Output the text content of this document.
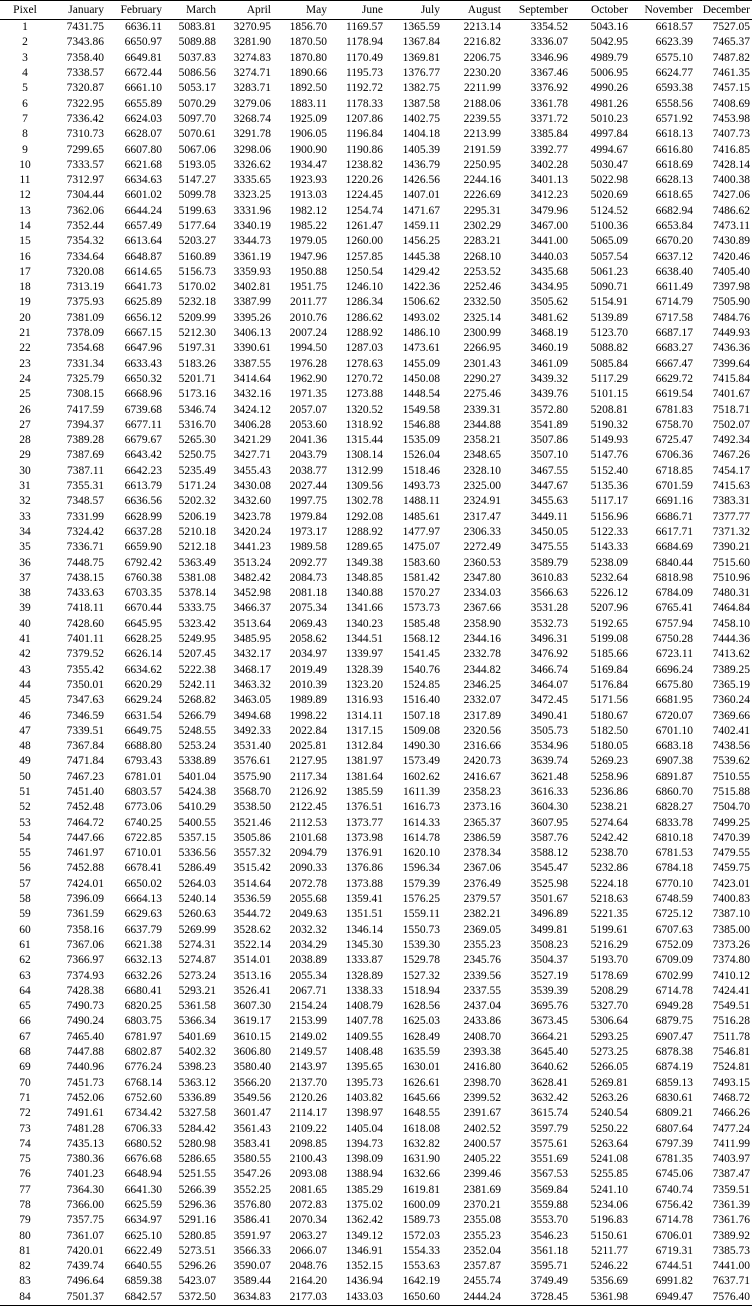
Pixel	January	February	March	April	May	June	July	August	September	October	November	December
1	7431.75	6636.11	5083.81	3270.95	1856.70	1169.57	1365.59	2213.14	3354.52	5043.16	6618.57	7527.05
2	7343.86	6650.97	5089.88	3281.90	1870.50	1178.94	1367.84	2216.82	3336.07	5042.95	6623.39	7465.37
3	7358.40	6649.81	5037.83	3274.83	1870.80	1170.49	1369.81	2206.75	3346.96	4989.79	6575.10	7487.82
4	7338.57	6672.44	5086.56	3274.71	1890.66	1195.73	1376.77	2230.20	3367.46	5006.95	6624.77	7461.35
5	7320.87	6661.10	5053.17	3283.71	1892.50	1192.72	1382.75	2211.99	3376.92	4990.26	6593.38	7457.15
6	7322.95	6655.89	5070.29	3279.06	1883.11	1178.33	1387.58	2188.06	3361.78	4981.26	6558.56	7408.69
7	7336.42	6624.03	5097.70	3268.74	1925.09	1207.86	1402.75	2239.55	3371.72	5010.23	6571.92	7453.98
8	7310.73	6628.07	5070.61	3291.78	1906.05	1196.84	1404.18	2213.99	3385.84	4997.84	6618.13	7407.73
9	7299.65	6607.80	5067.06	3298.06	1900.90	1190.86	1405.39	2191.59	3392.77	4994.67	6616.80	7416.85
10	7333.57	6621.68	5193.05	3326.62	1934.47	1238.82	1436.79	2250.95	3402.28	5030.47	6618.69	7428.14
11	7312.97	6634.63	5147.27	3335.65	1923.93	1220.26	1426.56	2244.16	3401.13	5022.98	6628.13	7400.38
12	7304.44	6601.02	5099.78	3323.25	1913.03	1224.45	1407.01	2226.69	3412.23	5020.69	6618.65	7427.06
13	7362.06	6644.24	5199.63	3331.96	1982.12	1254.74	1471.67	2295.31	3479.96	5124.52	6682.94	7486.62
14	7352.44	6657.49	5177.64	3340.19	1985.22	1261.47	1459.11	2302.29	3467.00	5100.36	6653.84	7473.11
15	7354.32	6613.64	5203.27	3344.73	1979.05	1260.00	1456.25	2283.21	3441.00	5065.09	6670.20	7430.89
16	7334.64	6648.87	5160.89	3361.19	1947.96	1257.85	1445.38	2268.10	3440.03	5057.54	6637.12	7420.46
17	7320.08	6614.65	5156.73	3359.93	1950.88	1250.54	1429.42	2253.52	3435.68	5061.23	6638.40	7405.40
18	7313.19	6641.73	5170.02	3402.81	1951.75	1246.10	1422.36	2252.46	3434.95	5090.71	6611.49	7397.98
19	7375.93	6625.89	5232.18	3387.99	2011.77	1286.34	1506.62	2332.50	3505.62	5154.91	6714.79	7505.90
20	7381.09	6656.12	5209.99	3395.26	2010.76	1286.62	1493.02	2325.14	3481.62	5139.89	6717.58	7484.76
21	7378.09	6667.15	5212.30	3406.13	2007.24	1288.92	1486.10	2300.99	3468.19	5123.70	6687.17	7449.93
22	7354.68	6647.96	5197.31	3390.61	1994.50	1287.03	1473.61	2266.95	3460.19	5088.82	6683.27	7436.36
23	7331.34	6633.43	5183.26	3387.55	1976.28	1278.63	1455.09	2301.43	3461.09	5085.84	6667.47	7399.64
24	7325.79	6650.32	5201.71	3414.64	1962.90	1270.72	1450.08	2290.27	3439.32	5117.29	6629.72	7415.84
25	7308.15	6668.96	5173.16	3432.16	1971.35	1273.88	1448.54	2275.46	3439.76	5101.15	6619.54	7401.67
26	7417.59	6739.68	5346.74	3424.12	2057.07	1320.52	1549.58	2339.31	3572.80	5208.81	6781.83	7518.71
27	7394.37	6677.11	5316.70	3406.28	2053.60	1318.92	1546.88	2344.88	3541.89	5190.32	6758.70	7502.07
28	7389.28	6679.67	5265.30	3421.29	2041.36	1315.44	1535.09	2358.21	3507.86	5149.93	6725.47	7492.34
29	7387.69	6643.42	5250.75	3427.71	2043.79	1308.14	1526.04	2348.65	3507.10	5147.76	6706.36	7467.26
30	7387.11	6642.23	5235.49	3455.43	2038.77	1312.99	1518.46	2328.10	3467.55	5152.40	6718.85	7454.17
31	7355.31	6613.79	5171.24	3430.08	2027.44	1309.56	1493.73	2325.00	3447.67	5135.36	6701.59	7415.63
32	7348.57	6636.56	5202.32	3432.60	1997.75	1302.78	1488.11	2324.91	3455.63	5117.17	6691.16	7383.31
33	7331.99	6628.99	5206.19	3423.78	1979.84	1292.08	1485.61	2317.47	3449.11	5156.96	6686.71	7377.77
34	7324.42	6637.28	5210.18	3420.24	1973.17	1288.92	1477.97	2306.33	3450.05	5122.33	6617.71	7371.32
35	7336.71	6659.90	5212.18	3441.23	1989.58	1289.65	1475.07	2272.49	3475.55	5143.33	6684.69	7390.21
36	7448.75	6792.42	5363.49	3513.24	2092.77	1349.38	1583.60	2360.53	3589.79	5238.09	6840.44	7515.60
37	7438.15	6760.38	5381.08	3482.42	2084.73	1348.85	1581.42	2347.80	3610.83	5232.64	6818.98	7510.96
38	7433.63	6703.35	5378.14	3452.98	2081.18	1340.88	1570.27	2334.03	3566.63	5226.12	6784.09	7480.31
39	7418.11	6670.44	5333.75	3466.37	2075.34	1341.66	1573.73	2367.66	3531.28	5207.96	6765.41	7464.84
40	7428.60	6645.95	5323.42	3513.64	2069.43	1340.23	1585.48	2358.90	3532.73	5192.65	6757.94	7458.10
41	7401.11	6628.25	5249.95	3485.95	2058.62	1344.51	1568.12	2344.16	3496.31	5199.08	6750.28	7444.36
42	7379.52	6626.14	5207.45	3432.17	2034.97	1339.97	1541.45	2332.78	3476.92	5185.66	6723.11	7413.62
43	7355.42	6634.62	5222.38	3468.17	2019.49	1328.39	1540.76	2344.82	3466.74	5169.84	6696.24	7389.25
44	7350.01	6620.29	5242.11	3463.32	2010.39	1323.20	1524.85	2346.25	3464.07	5176.84	6675.80	7365.19
45	7347.63	6629.24	5268.82	3463.05	1989.89	1316.93	1516.40	2332.07	3472.45	5171.56	6681.95	7360.24
46	7346.59	6631.54	5266.79	3494.68	1998.22	1314.11	1507.18	2317.89	3490.41	5180.67	6720.07	7369.66
47	7339.51	6649.75	5248.55	3492.33	2022.84	1317.15	1509.08	2320.56	3505.73	5182.50	6701.10	7402.41
48	7367.84	6688.80	5253.24	3531.40	2025.81	1312.84	1490.30	2316.66	3534.96	5180.05	6683.18	7438.56
49	7471.84	6793.43	5338.89	3576.61	2127.95	1381.97	1573.49	2420.73	3639.74	5269.23	6907.38	7539.62
50	7467.23	6781.01	5401.04	3575.90	2117.34	1381.64	1602.62	2416.67	3621.48	5258.96	6891.87	7510.55
51	7451.40	6803.57	5424.38	3568.70	2126.92	1385.59	1611.39	2358.23	3616.33	5236.86	6860.70	7515.88
52	7452.48	6773.06	5410.29	3538.50	2122.45	1376.51	1616.73	2373.16	3604.30	5238.21	6828.27	7504.70
53	7464.72	6740.25	5400.55	3521.46	2112.53	1373.77	1614.33	2365.37	3607.95	5274.64	6833.78	7499.25
54	7447.66	6722.85	5357.15	3505.86	2101.68	1373.98	1614.78	2386.59	3587.76	5242.42	6810.18	7470.39
55	7461.97	6710.01	5336.56	3557.32	2094.79	1376.91	1620.10	2378.34	3588.12	5238.70	6781.53	7479.55
56	7452.88	6678.41	5286.49	3515.42	2090.33	1376.86	1596.34	2367.06	3545.47	5232.86	6784.18	7459.75
57	7424.01	6650.02	5264.03	3514.64	2072.78	1373.88	1579.39	2376.49	3525.98	5224.18	6770.10	7423.01
58	7396.09	6664.13	5240.14	3536.59	2055.68	1359.41	1576.25	2379.57	3501.67	5218.63	6748.59	7400.83
59	7361.59	6629.63	5260.63	3544.72	2049.63	1351.51	1559.11	2382.21	3496.89	5221.35	6725.12	7387.10
60	7358.16	6637.79	5269.99	3528.62	2032.32	1346.14	1550.73	2369.05	3499.81	5199.61	6707.63	7385.00
61	7367.06	6621.38	5274.31	3522.14	2034.29	1345.30	1539.30	2355.23	3508.23	5216.29	6752.09	7373.26
62	7366.97	6632.13	5274.87	3514.01	2038.89	1333.87	1529.78	2345.76	3504.37	5193.70	6709.09	7374.80
63	7374.93	6632.26	5273.24	3513.16	2055.34	1328.89	1527.32	2339.56	3527.19	5178.69	6702.99	7410.12
64	7428.38	6680.41	5293.21	3526.41	2067.71	1338.33	1518.94	2337.55	3539.39	5208.29	6714.78	7424.41
65	7490.73	6820.25	5361.58	3607.30	2154.24	1408.79	1628.56	2437.04	3695.76	5327.70	6949.28	7549.51
66	7490.24	6803.75	5366.34	3619.17	2153.99	1407.78	1625.03	2433.86	3673.45	5306.64	6879.75	7516.28
67	7465.40	6781.97	5401.69	3610.15	2149.02	1409.55	1628.49	2408.70	3664.21	5293.25	6907.47	7511.78
68	7447.88	6802.87	5402.32	3606.80	2149.57	1408.48	1635.59	2393.38	3645.40	5273.25	6878.38	7546.81
69	7440.96	6776.24	5398.23	3580.40	2143.97	1395.65	1630.01	2416.80	3640.62	5266.05	6874.19	7524.81
70	7451.73	6768.14	5363.12	3566.20	2137.70	1395.73	1626.61	2398.70	3628.41	5269.81	6859.13	7493.15
71	7452.06	6752.60	5336.89	3549.56	2120.26	1403.82	1645.66	2399.52	3632.42	5263.26	6830.61	7468.72
72	7491.61	6734.42	5327.58	3601.47	2114.17	1398.97	1648.55	2391.67	3615.74	5240.54	6809.21	7466.26
73	7481.28	6706.33	5284.42	3561.43	2109.22	1405.04	1618.08	2402.52	3597.79	5250.22	6807.64	7477.24
74	7435.13	6680.52	5280.98	3583.41	2098.85	1394.73	1632.82	2400.57	3575.61	5263.64	6797.39	7411.99
75	7380.36	6676.68	5286.65	3580.55	2100.43	1398.09	1631.90	2405.22	3551.69	5241.08	6781.35	7403.97
76	7401.23	6648.94	5251.55	3547.26	2093.08	1388.94	1632.66	2399.46	3567.53	5255.85	6745.06	7387.47
77	7364.30	6641.30	5266.39	3552.25	2081.65	1385.29	1619.81	2381.69	3569.84	5241.10	6740.74	7359.51
78	7366.00	6625.59	5296.36	3576.80	2072.83	1375.02	1600.09	2370.21	3559.88	5234.06	6756.42	7361.39
79	7357.75	6634.97	5291.16	3586.41	2070.34	1362.42	1589.73	2355.08	3553.70	5196.83	6714.78	7361.76
80	7361.07	6625.10	5280.85	3591.97	2063.27	1349.12	1572.03	2355.23	3546.23	5150.61	6706.01	7389.92
81	7420.01	6622.49	5273.51	3566.33	2066.07	1346.91	1554.33	2352.04	3561.18	5211.77	6719.31	7385.73
82	7439.74	6640.55	5296.26	3590.07	2048.76	1352.15	1553.63	2357.87	3595.71	5246.22	6744.51	7441.00
83	7496.64	6859.38	5423.07	3589.44	2164.20	1436.94	1642.19	2455.74	3749.49	5356.69	6991.82	7637.71
84	7501.37	6842.57	5372.50	3634.83	2177.03	1433.03	1650.60	2444.24	3728.45	5361.98	6949.47	7576.40
